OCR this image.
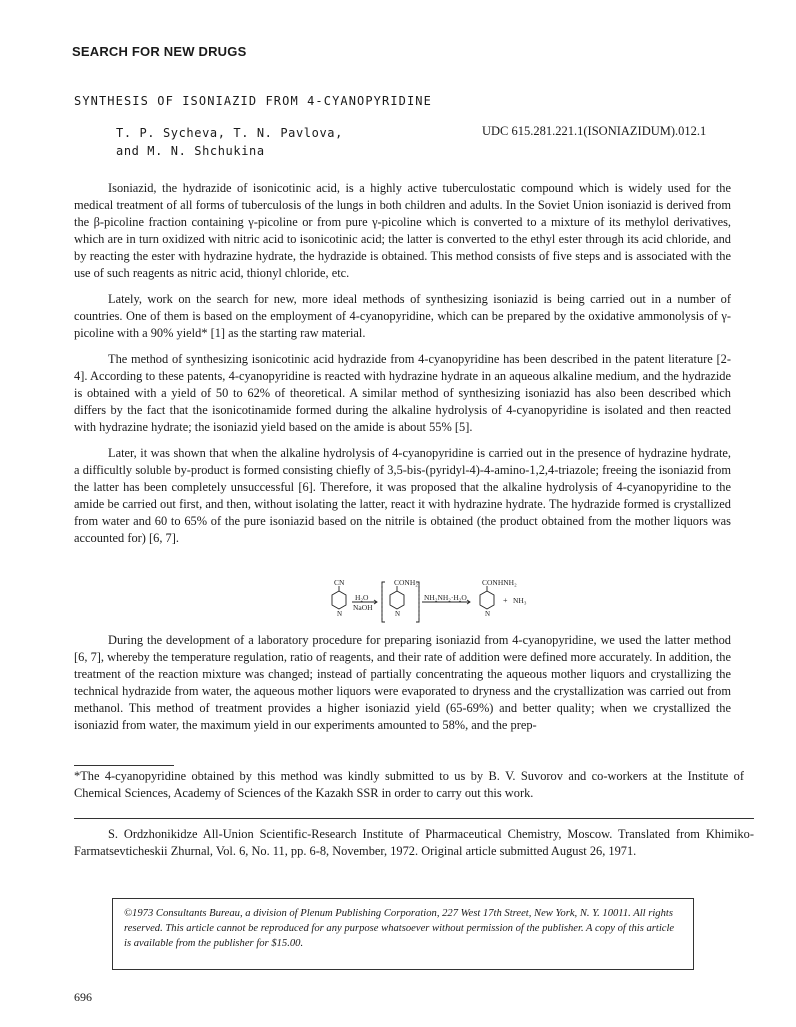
SEARCH FOR NEW DRUGS
SYNTHESIS OF ISONIAZID FROM 4-CYANOPYRIDINE
T. P. Sycheva, T. N. Pavlova,
and M. N. Shchukina
UDC 615.281.221.1(ISONIAZIDUM).012.1

Isoniazid, the hydrazide of isonicotinic acid, is a highly active tuberculostatic compound which is widely used for the medical treatment of all forms of tuberculosis of the lungs in both children and adults. In the Soviet Union isoniazid is derived from the β-picoline fraction containing γ-picoline or from pure γ-picoline which is converted to a mixture of its methylol derivatives, which are in turn oxidized with nitric acid to isonicotinic acid; the latter is converted to the ethyl ester through its acid chloride, and by reacting the ester with hydrazine hydrate, the hydrazide is obtained. This method consists of five steps and is associated with the use of such reagents as nitric acid, thionyl chloride, etc.

Lately, work on the search for new, more ideal methods of synthesizing isoniazid is being carried out in a number of countries. One of them is based on the employment of 4-cyanopyridine, which can be prepared by the oxidative ammonolysis of γ-picoline with a 90% yield* [1] as the starting raw material.

The method of synthesizing isonicotinic acid hydrazide from 4-cyanopyridine has been described in the patent literature [2-4]. According to these patents, 4-cyanopyridine is reacted with hydrazine hydrate in an aqueous alkaline medium, and the hydrazide is obtained with a yield of 50 to 62% of theoretical. A similar method of synthesizing isoniazid has also been described which differs by the fact that the isonicotinamide formed during the alkaline hydrolysis of 4-cyanopyridine is isolated and then reacted with hydrazine hydrate; the isoniazid yield based on the amide is about 55% [5].

Later, it was shown that when the alkaline hydrolysis of 4-cyanopyridine is carried out in the presence of hydrazine hydrate, a difficultly soluble by-product is formed consisting chiefly of 3,5-bis-(pyridyl-4)-4-amino-1,2,4-triazole; freeing the isoniazid from the latter has been completely unsuccessful [6]. Therefore, it was proposed that the alkaline hydrolysis of 4-cyanopyridine to the amide be carried out first, and then, without isolating the latter, react it with hydrazine hydrate. The hydrazide formed is crystallized from water and 60 to 65% of the pure isoniazid based on the nitrile is obtained (the product obtained from the mother liquors was accounted for) [6, 7].

CN
N
H₂O
NaOH
CONH₂
N
NH₂NH₂·H₂O
CONHNH₂
N
+ NH₃

During the development of a laboratory procedure for preparing isoniazid from 4-cyanopyridine, we used the latter method [6, 7], whereby the temperature regulation, ratio of reagents, and their rate of addition were defined more accurately. In addition, the treatment of the reaction mixture was changed; instead of partially concentrating the aqueous mother liquors and crystallizing the technical hydrazide from water, the aqueous mother liquors were evaporated to dryness and the crystallization was carried out from methanol. This method of treatment provides a higher isoniazid yield (65-69%) and better quality; when we crystallized the isoniazid from water, the maximum yield in our experiments amounted to 58%, and the prep-

*The 4-cyanopyridine obtained by this method was kindly submitted to us by B. V. Suvorov and co-workers at the Institute of Chemical Sciences, Academy of Sciences of the Kazakh SSR in order to carry out this work.
S. Ordzhonikidze All-Union Scientific-Research Institute of Pharmaceutical Chemistry, Moscow. Translated from Khimiko-Farmatsevticheskii Zhurnal, Vol. 6, No. 11, pp. 6-8, November, 1972. Original article submitted August 26, 1971.
©1973 Consultants Bureau, a division of Plenum Publishing Corporation, 227 West 17th Street, New York, N. Y. 10011. All rights reserved. This article cannot be reproduced for any purpose whatsoever without permission of the publisher. A copy of this article is available from the publisher for $15.00.
696
